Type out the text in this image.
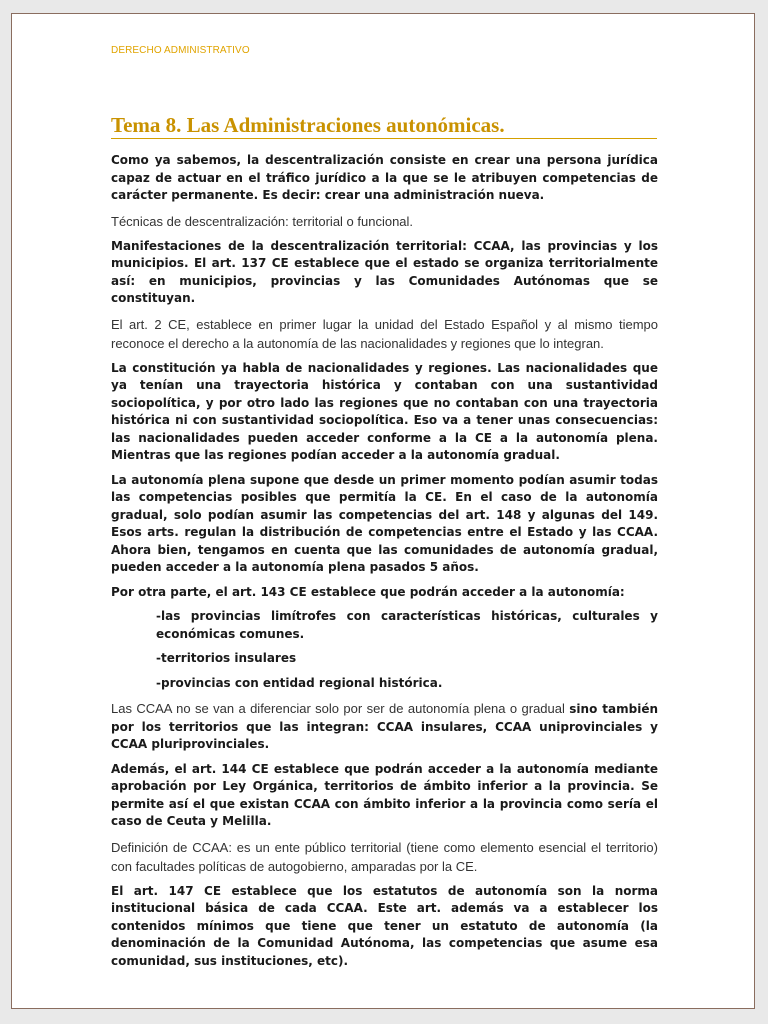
DERECHO ADMINISTRATIVO
Tema 8. Las Administraciones autonómicas.

Como ya sabemos, la descentralización consiste en crear una persona jurídica capaz de actuar en el tráfico jurídico a la que se le atribuyen competencias de carácter permanente. Es decir: crear una administración nueva.

Técnicas de descentralización: territorial o funcional.

Manifestaciones de la descentralización territorial: CCAA, las provincias y los municipios. El art. 137 CE establece que el estado se organiza territorialmente así: en municipios, provincias y las Comunidades Autónomas que se constituyan.

El art. 2 CE, establece en primer lugar la unidad del Estado Español y al mismo tiempo reconoce el derecho a la autonomía de las nacionalidades y regiones que lo integran.

La constitución ya habla de nacionalidades y regiones. Las nacionalidades que ya tenían una trayectoria histórica y contaban con una sustantividad sociopolítica, y por otro lado las regiones que no contaban con una trayectoria histórica ni con sustantividad sociopolítica. Eso va a tener unas consecuencias: las nacionalidades pueden acceder conforme a la CE a la autonomía plena. Mientras que las regiones podían acceder a la autonomía gradual.

La autonomía plena supone que desde un primer momento podían asumir todas las competencias posibles que permitía la CE. En el caso de la autonomía gradual, solo podían asumir las competencias del art. 148 y algunas del 149. Esos arts. regulan la distribución de competencias entre el Estado y las CCAA. Ahora bien, tengamos en cuenta que las comunidades de autonomía gradual, pueden acceder a la autonomía plena pasados 5 años.

Por otra parte, el art. 143 CE establece que podrán acceder a la autonomía:

-las provincias limítrofes con características históricas, culturales y económicas comunes.

-territorios insulares

-provincias con entidad regional histórica.

Las CCAA no se van a diferenciar solo por ser de autonomía plena o gradual sino también por los territorios que las integran: CCAA insulares, CCAA uniprovinciales y CCAA pluriprovinciales.

Además, el art. 144 CE establece que podrán acceder a la autonomía mediante aprobación por Ley Orgánica, territorios de ámbito inferior a la provincia. Se permite así el que existan CCAA con ámbito inferior a la provincia como sería el caso de Ceuta y Melilla.

Definición de CCAA: es un ente público territorial (tiene como elemento esencial el territorio) con facultades políticas de autogobierno, amparadas por la CE.

El art. 147 CE establece que los estatutos de autonomía son la norma institucional básica de cada CCAA. Este art. además va a establecer los contenidos mínimos que tiene que tener un estatuto de autonomía (la denominación de la Comunidad Autónoma, las competencias que asume esa comunidad, sus instituciones, etc).
